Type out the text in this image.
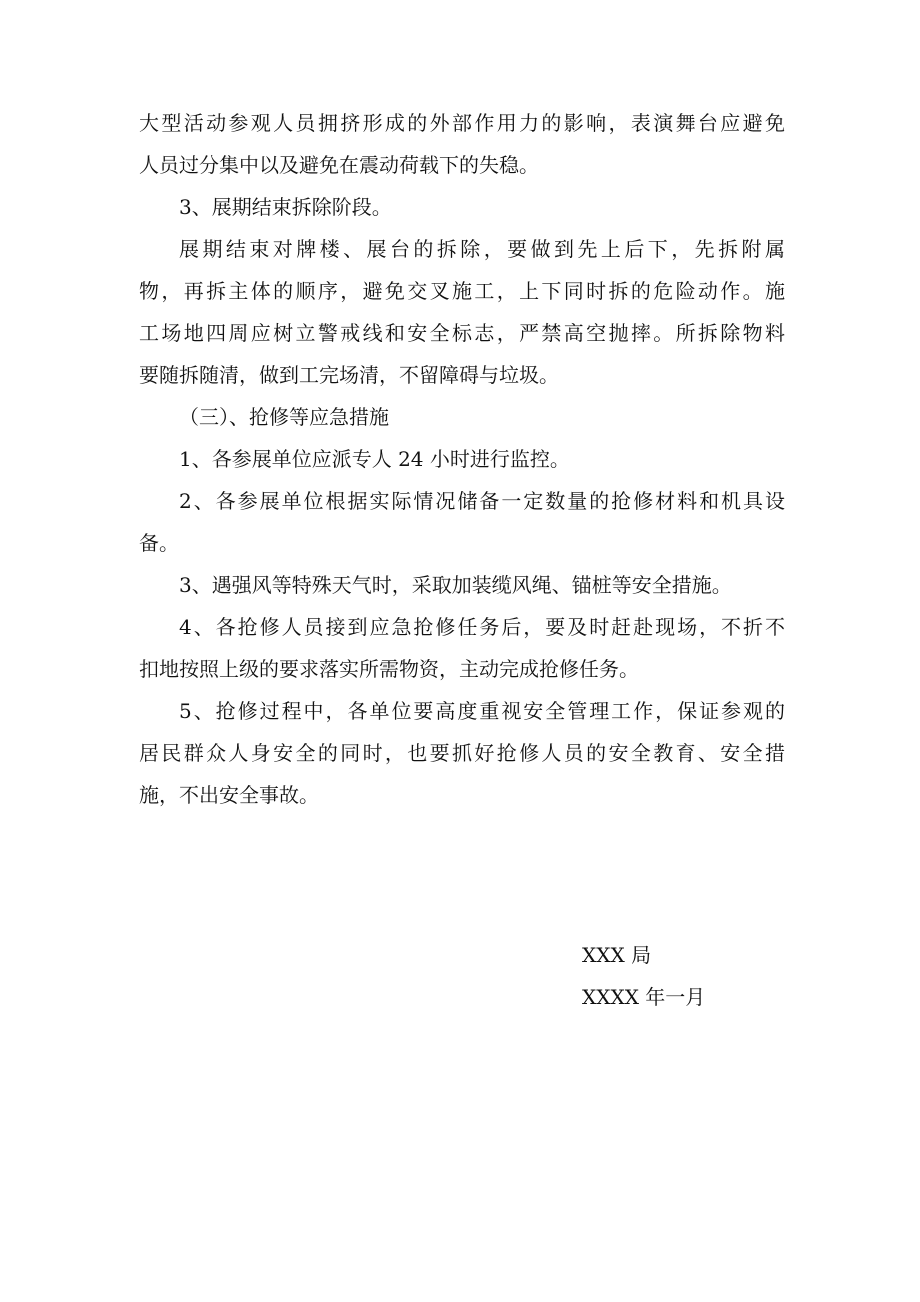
大型活动参观人员拥挤形成的外部作用力的影响，表演舞台应避免
人员过分集中以及避免在震动荷载下的失稳。
3、展期结束拆除阶段。
展期结束对牌楼、展台的拆除，要做到先上后下，先拆附属
物，再拆主体的顺序，避免交叉施工，上下同时拆的危险动作。施
工场地四周应树立警戒线和安全标志，严禁高空抛摔。所拆除物料
要随拆随清，做到工完场清，不留障碍与垃圾。
（三）、抢修等应急措施
1、各参展单位应派专人 24 小时进行监控。
2、各参展单位根据实际情况储备一定数量的抢修材料和机具设
备。
3、遇强风等特殊天气时，采取加装缆风绳、锚桩等安全措施。
4、各抢修人员接到应急抢修任务后，要及时赶赴现场，不折不
扣地按照上级的要求落实所需物资，主动完成抢修任务。
5、抢修过程中，各单位要高度重视安全管理工作，保证参观的
居民群众人身安全的同时，也要抓好抢修人员的安全教育、安全措
施，不出安全事故。
XXX 局
XXXX 年一月
